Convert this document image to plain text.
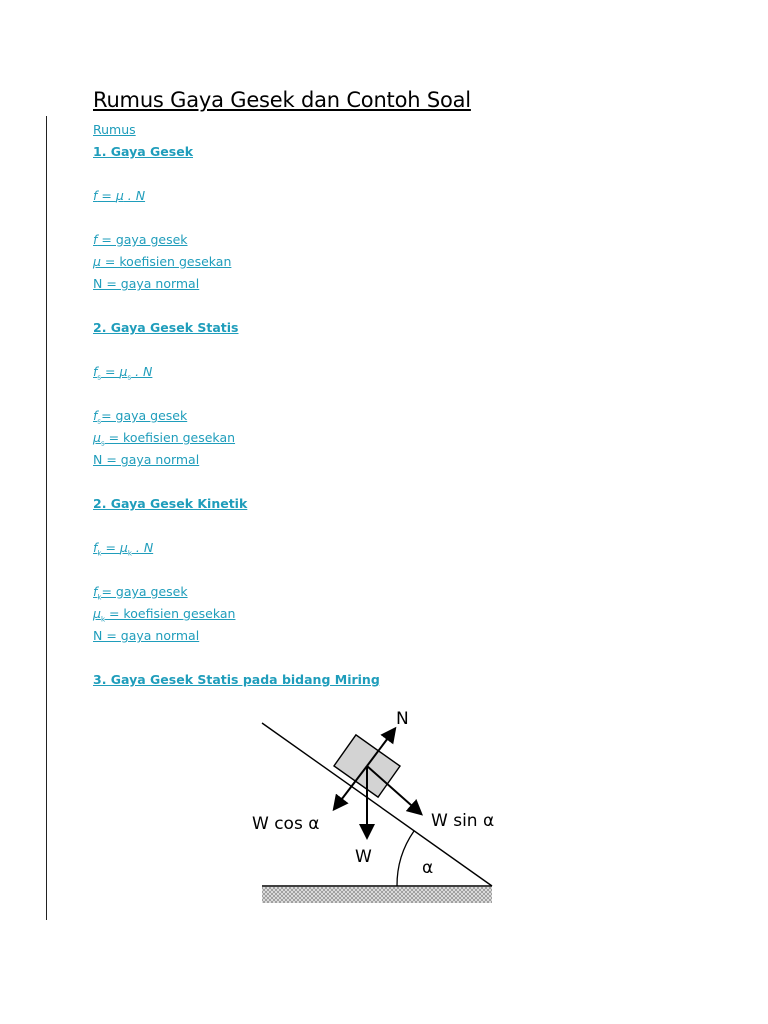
Rumus Gaya Gesek dan Contoh Soal
Rumus
1. Gaya Gesek
f = μ . N
f = gaya gesek
μ = koefisien gesekan
N = gaya normal
2. Gaya Gesek Statis
$f_s = \mu_s$ . N
$f_s=$ gaya gesek
$\mu_s$ = koefisien gesekan
N = gaya normal
2. Gaya Gesek Kinetik
$f_k = \mu_k$ . N
$f_k=$ gaya gesek
$\mu_k$ = koefisien gesekan
N = gaya normal
3. Gaya Gesek Statis pada bidang Miring
N
W cos α	W sin α
W
α
